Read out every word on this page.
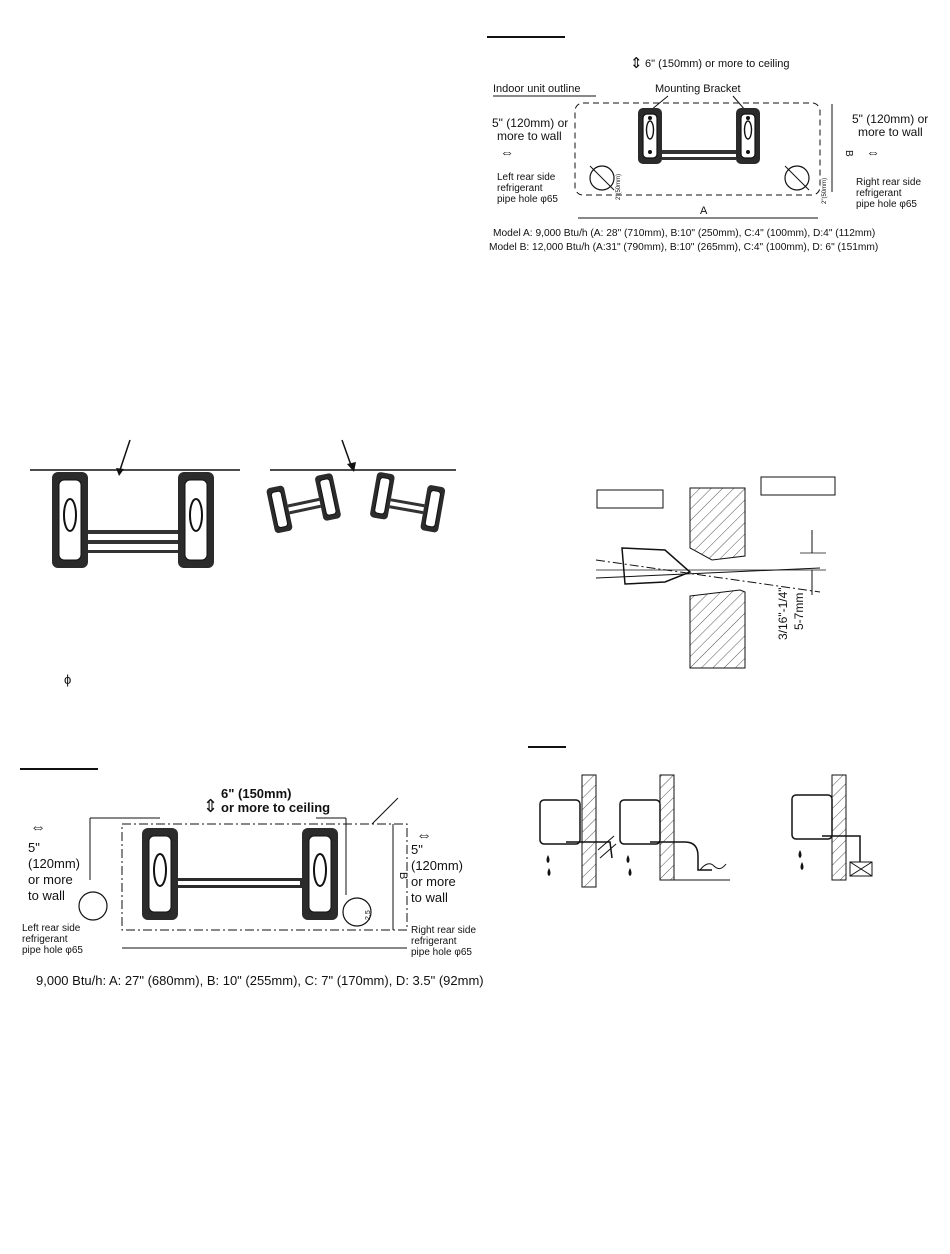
⇕ 6" (150mm) or more to ceiling
Indoor unit outline	Mounting Bracket
A
B
2"(50mm)	2"(50mm)
5" (120mm) or
more to wall
⇔
Left rear side
refrigerant
pipe hole φ65
5" (120mm) or
more to wall
⇔
Right rear side
refrigerant
pipe hole φ65
Model A: 9,000 Btu/h (A: 28" (710mm), B:10" (250mm), C:4" (100mm), D:4" (112mm)
Model B: 12,000 Btu/h (A:31" (790mm), B:10" (265mm), C:4" (100mm), D: 6" (151mm)
ϕ
3/16"-1/4" 5-7mm
⇕
6" (150mm)
or more to ceiling
B
2.5
⇔
5"
(120mm)
or more
to wall
Left rear side
refrigerant
pipe hole φ65
⇔
5"
(120mm)
or more
to wall
Right rear side
refrigerant
pipe hole φ65
9,000 Btu/h: A: 27" (680mm), B: 10" (255mm), C: 7" (170mm), D: 3.5" (92mm)
